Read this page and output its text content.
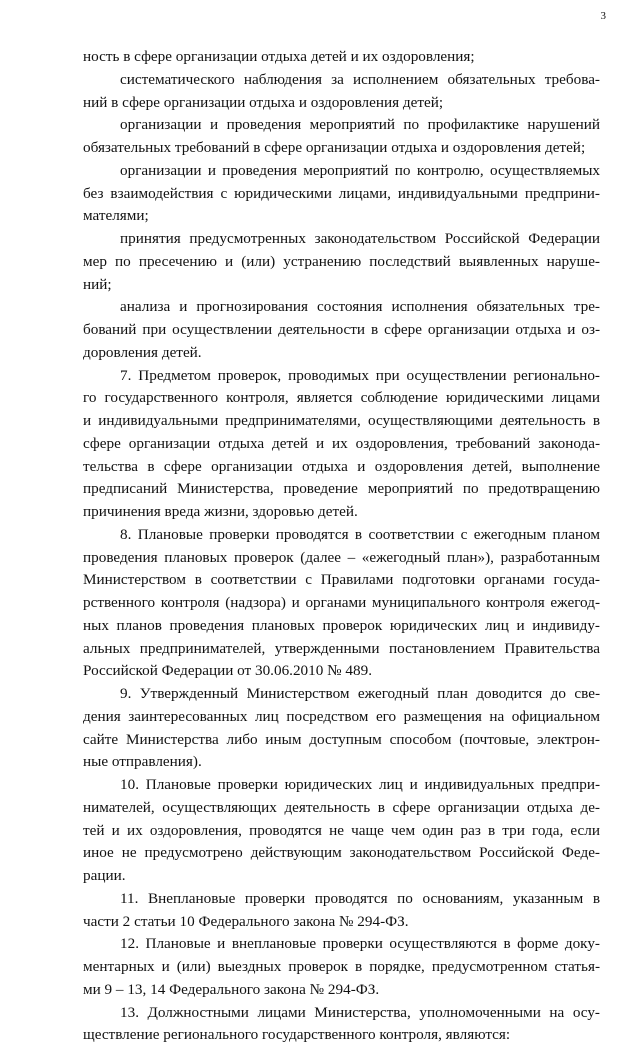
3
ность в сфере организации отдыха детей и их оздоровления;
систематического наблюдения за исполнением обязательных требова-
ний в сфере организации отдыха и оздоровления детей;
организации и проведения мероприятий по профилактике нарушений
обязательных требований в сфере организации отдыха и оздоровления детей;
организации и проведения мероприятий по контролю, осуществляемых
без взаимодействия с юридическими лицами, индивидуальными предприни-
мателями;
принятия предусмотренных законодательством Российской Федерации
мер по пресечению и (или) устранению последствий выявленных наруше-
ний;
анализа и прогнозирования состояния исполнения обязательных тре-
бований при осуществлении деятельности в сфере организации отдыха и оз-
доровления детей.
7. Предметом проверок, проводимых при осуществлении регионально-
го государственного контроля, является соблюдение юридическими лицами
и индивидуальными предпринимателями, осуществляющими деятельность в
сфере организации отдыха детей и их оздоровления, требований законода-
тельства в сфере организации отдыха и оздоровления детей, выполнение
предписаний Министерства, проведение мероприятий по предотвращению
причинения вреда жизни, здоровью детей.
8. Плановые проверки проводятся в соответствии с ежегодным планом
проведения плановых проверок (далее – «ежегодный план»), разработанным
Министерством в соответствии с Правилами подготовки органами госуда-
рственного контроля (надзора) и органами муниципального контроля ежегод-
ных планов проведения плановых проверок юридических лиц и индивиду-
альных предпринимателей, утвержденными постановлением Правительства
Российской Федерации от 30.06.2010 № 489.
9. Утвержденный Министерством ежегодный план доводится до све-
дения заинтересованных лиц посредством его размещения на официальном
сайте Министерства либо иным доступным способом (почтовые, электрон-
ные отправления).
10. Плановые проверки юридических лиц и индивидуальных предпри-
нимателей, осуществляющих деятельность в сфере организации отдыха де-
тей и их оздоровления, проводятся не чаще чем один раз в три года, если
иное не предусмотрено действующим законодательством Российской Феде-
рации.
11. Внеплановые проверки проводятся по основаниям, указанным в
части 2 статьи 10 Федерального закона № 294-ФЗ.
12. Плановые и внеплановые проверки осуществляются в форме доку-
ментарных и (или) выездных проверок в порядке, предусмотренном статья-
ми 9 – 13, 14 Федерального закона № 294-ФЗ.
13. Должностными лицами Министерства, уполномоченными на осу-
ществление регионального государственного контроля, являются:
